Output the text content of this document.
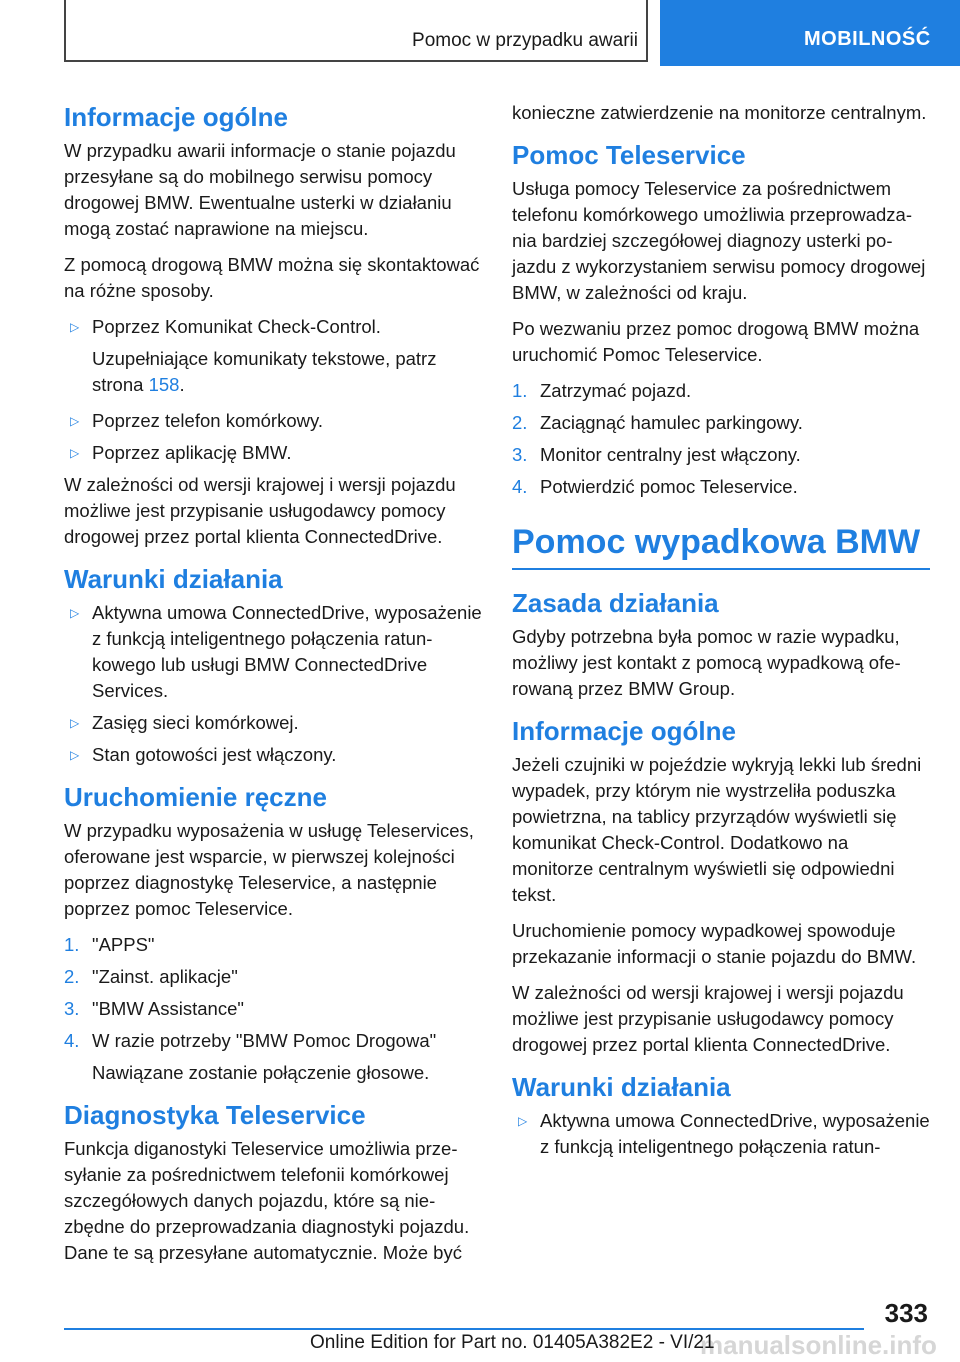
Pomoc w przypadku awarii	MOBILNOŚĆ
Informacje ogólne

W przypadku awarii informacje o stanie pojazdu przesyłane są do mobilnego serwisu pomocy drogowej BMW. Ewentualne usterki w działaniu mogą zostać naprawione na miejscu.

Z pomocą drogową BMW można się skontaktować na różne sposoby.

▷ Poprzez Komunikat Check-Control.
Uzupełniające komunikaty tekstowe, patrz strona 158.
▷ Poprzez telefon komórkowy.
▷ Poprzez aplikację BMW.

W zależności od wersji krajowej i wersji pojazdu możliwe jest przypisanie usługodawcy pomocy drogowej przez portal klienta ConnectedDrive.

Warunki działania
▷ Aktywna umowa ConnectedDrive, wyposażenie z funkcją inteligentnego połączenia ratunkowego lub usługi BMW ConnectedDrive Services.
▷ Zasięg sieci komórkowej.
▷ Stan gotowości jest włączony.
Uruchomienie ręczne

W przypadku wyposażenia w usługę Teleservices, oferowane jest wsparcie, w pierwszej kolejności poprzez diagnostykę Teleservice, a następnie poprzez pomoc Teleservice.

1. "APPS"
2. "Zainst. aplikacje"
3. "BMW Assistance"
4. W razie potrzeby "BMW Pomoc Drogowa"
Nawiązane zostanie połączenie głosowe.
Diagnostyka Teleservice

Funkcja diganostyki Teleservice umożliwia przesyłanie za pośrednictwem telefonii komórkowej szczegółowych danych pojazdu, które są niezbędne do przeprowadzania diagnostyki pojazdu. Dane te są przesyłane automatycznie. Może być

konieczne zatwierdzenie na monitorze centralnym.

Pomoc Teleservice

Usługa pomocy Teleservice za pośrednictwem telefonu komórkowego umożliwia przeprowadzania bardziej szczegółowej diagnozy usterki pojazdu z wykorzystaniem serwisu pomocy drogowej BMW, w zależności od kraju.

Po wezwaniu przez pomoc drogową BMW można uruchomić Pomoc Teleservice.

1. Zatrzymać pojazd.
2. Zaciągnąć hamulec parkingowy.
3. Monitor centralny jest włączony.
4. Potwierdzić pomoc Teleservice.
Pomoc wypadkowa BMW
Zasada działania

Gdyby potrzebna była pomoc w razie wypadku, możliwy jest kontakt z pomocą wypadkową oferowaną przez BMW Group.

Informacje ogólne

Jeżeli czujniki w pojeździe wykryją lekki lub średni wypadek, przy którym nie wystrzeliła poduszka powietrzna, na tablicy przyrządów wyświetli się komunikat Check-Control. Dodatkowo na monitorze centralnym wyświetli się odpowiedni tekst.

Uruchomienie pomocy wypadkowej spowoduje przekazanie informacji o stanie pojazdu do BMW.

W zależności od wersji krajowej i wersji pojazdu możliwe jest przypisanie usługodawcy pomocy drogowej przez portal klienta ConnectedDrive.

Warunki działania
▷ Aktywna umowa ConnectedDrive, wyposażenie z funkcją inteligentnego połączenia ratun-
333
manualsonline.info
Online Edition for Part no. 01405A382E2 - VI/21
